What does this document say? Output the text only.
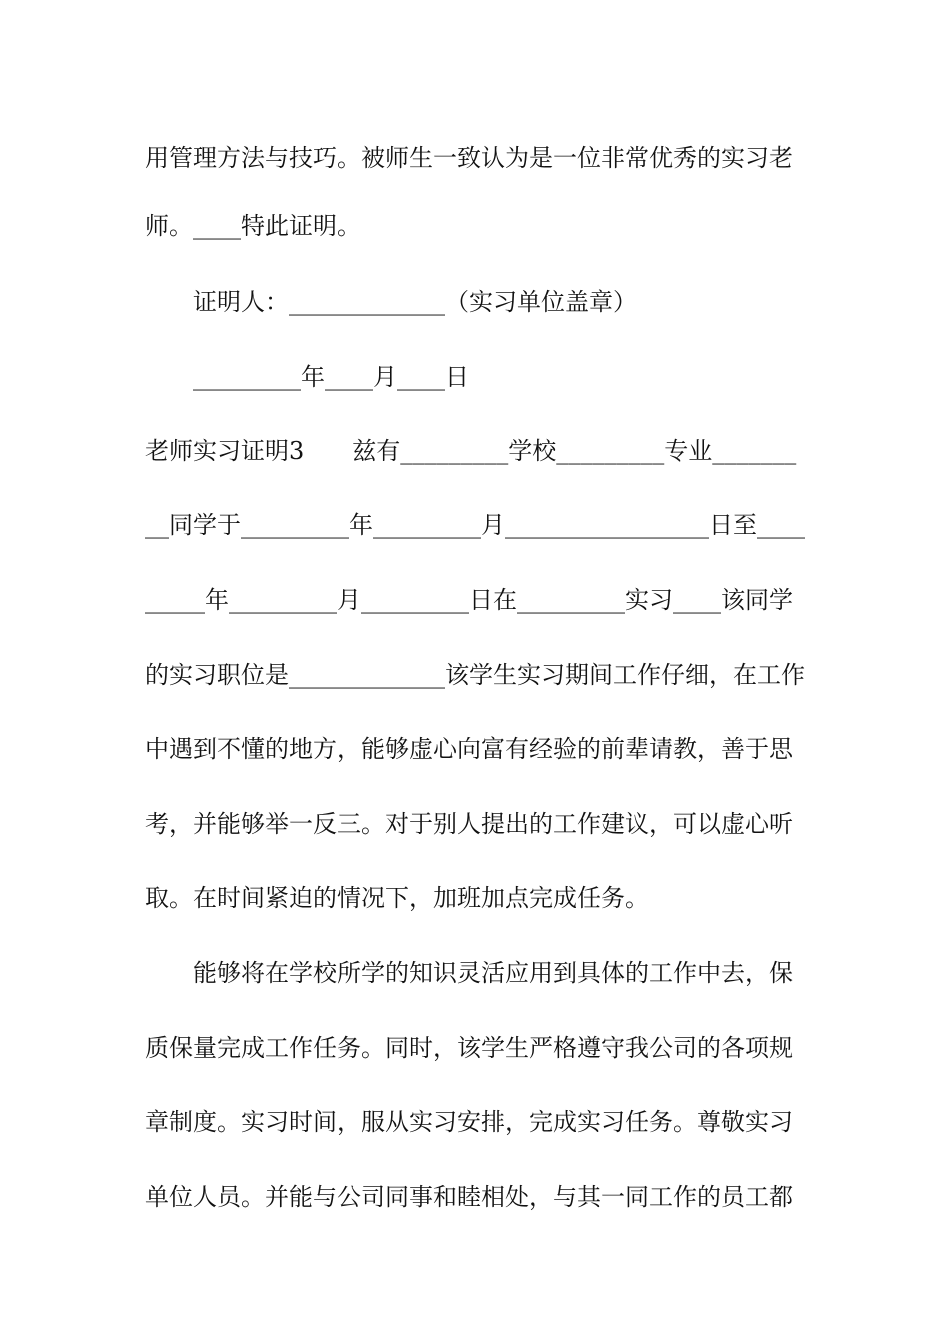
用管理方法与技巧。被师生一致认为是一位非常优秀的实习老
师。____特此证明。
证明人：_____________（实习单位盖章）
_________年____月____日
老师实习证明3　　兹有_________学校_________专业_______
__同学于_________年_________月_________________日至____
_____年_________月_________日在_________实习____该同学
的实习职位是_____________该学生实习期间工作仔细，在工作
中遇到不懂的地方，能够虚心向富有经验的前辈请教，善于思
考，并能够举一反三。对于别人提出的工作建议，可以虚心听
取。在时间紧迫的情况下，加班加点完成任务。
能够将在学校所学的知识灵活应用到具体的工作中去，保
质保量完成工作任务。同时，该学生严格遵守我公司的各项规
章制度。实习时间，服从实习安排，完成实习任务。尊敬实习
单位人员。并能与公司同事和睦相处，与其一同工作的员工都
